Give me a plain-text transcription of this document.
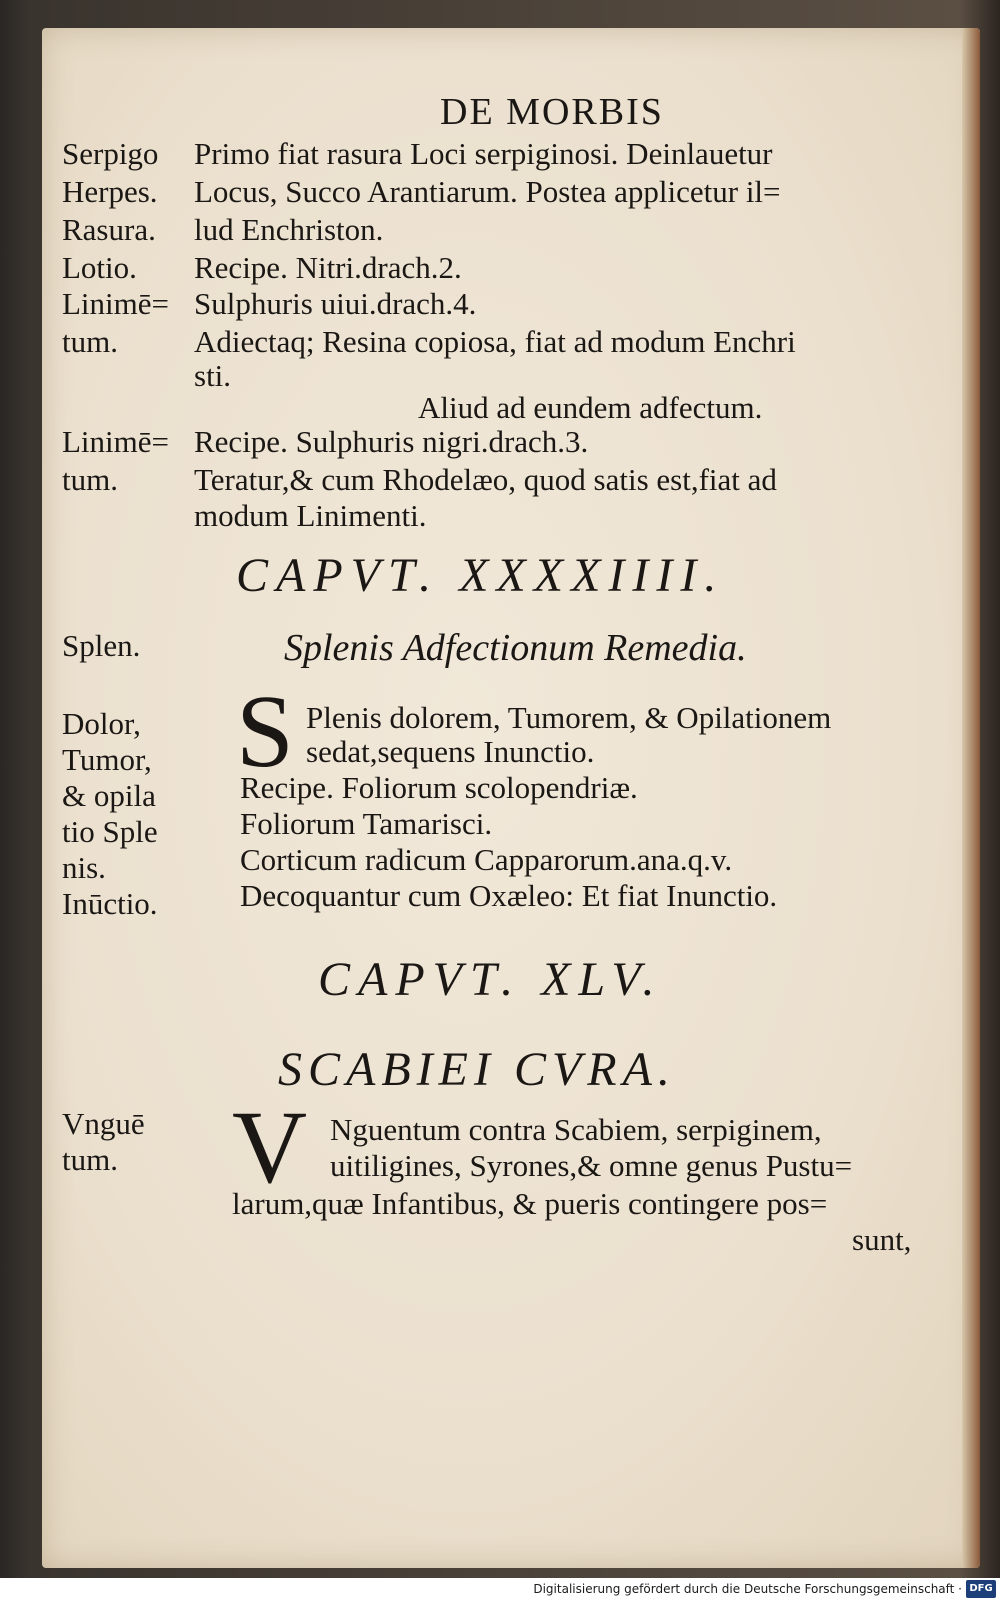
DE MORBIS
Serpigo
Herpes.
Rasura.
Lotio.
Linimē=
tum.
Linimē=
tum.
Splen.
Dolor,
Tumor,
& opila
tio Sple
nis.
Inūctio.
Vnguē
tum.
Primo fiat rasura Loci serpiginosi. Deinlauetur
Locus, Succo Arantiarum. Postea applicetur il=
lud Enchriston.
Recipe. Nitri.drach.2.
Sulphuris uiui.drach.4.
Adiectaq; Resina copiosa, fiat ad modum Enchri
sti.
Aliud ad eundem adfectum.
Recipe. Sulphuris nigri.drach.3.
Teratur,& cum Rhodelæo, quod satis est,fiat ad
modum Linimenti.
CAPVT. XXXXIIII.
Splenis Adfectionum Remedia.
S Plenis dolorem, Tumorem, & Opilationem
sedat,sequens Inunctio.
Recipe. Foliorum scolopendriæ.
Foliorum Tamarisci.
Corticum radicum Capparorum.ana.q.v.
Decoquantur cum Oxæleo: Et fiat Inunctio.
CAPVT. XLV.
SCABIEI CVRA.
V Nguentum contra Scabiem, serpiginem,
uitiligines, Syrones,& omne genus Pustu=
larum,quæ Infantibus, & pueris contingere pos=
sunt,
Digitalisierung gefördert durch die Deutsche Forschungsgemeinschaft · DFG
